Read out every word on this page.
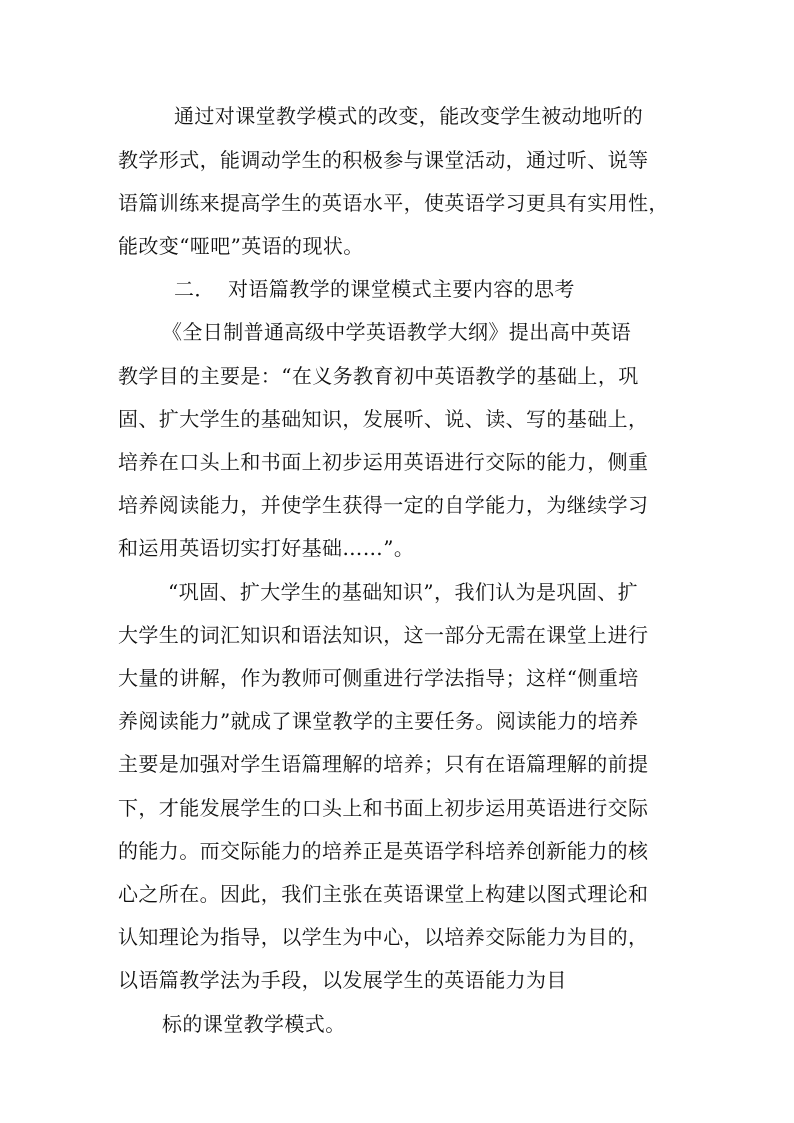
通过对课堂教学模式的改变，能改变学生被动地听的
教学形式，能调动学生的积极参与课堂活动，通过听、说等
语篇训练来提高学生的英语水平，使英语学习更具有实用性，
能改变“哑吧”英语的现状。
二． 对语篇教学的课堂模式主要内容的思考
《全日制普通高级中学英语教学大纲》提出高中英语
教学目的主要是：“在义务教育初中英语教学的基础上，巩
固、扩大学生的基础知识，发展听、说、读、写的基础上，
培养在口头上和书面上初步运用英语进行交际的能力，侧重
培养阅读能力，并使学生获得一定的自学能力，为继续学习
和运用英语切实打好基础……”。
“巩固、扩大学生的基础知识”，我们认为是巩固、扩
大学生的词汇知识和语法知识，这一部分无需在课堂上进行
大量的讲解，作为教师可侧重进行学法指导；这样“侧重培
养阅读能力”就成了课堂教学的主要任务。阅读能力的培养
主要是加强对学生语篇理解的培养；只有在语篇理解的前提
下，才能发展学生的口头上和书面上初步运用英语进行交际
的能力。而交际能力的培养正是英语学科培养创新能力的核
心之所在。因此，我们主张在英语课堂上构建以图式理论和
认知理论为指导，以学生为中心，以培养交际能力为目的，
以语篇教学法为手段，以发展学生的英语能力为目
标的课堂教学模式。
